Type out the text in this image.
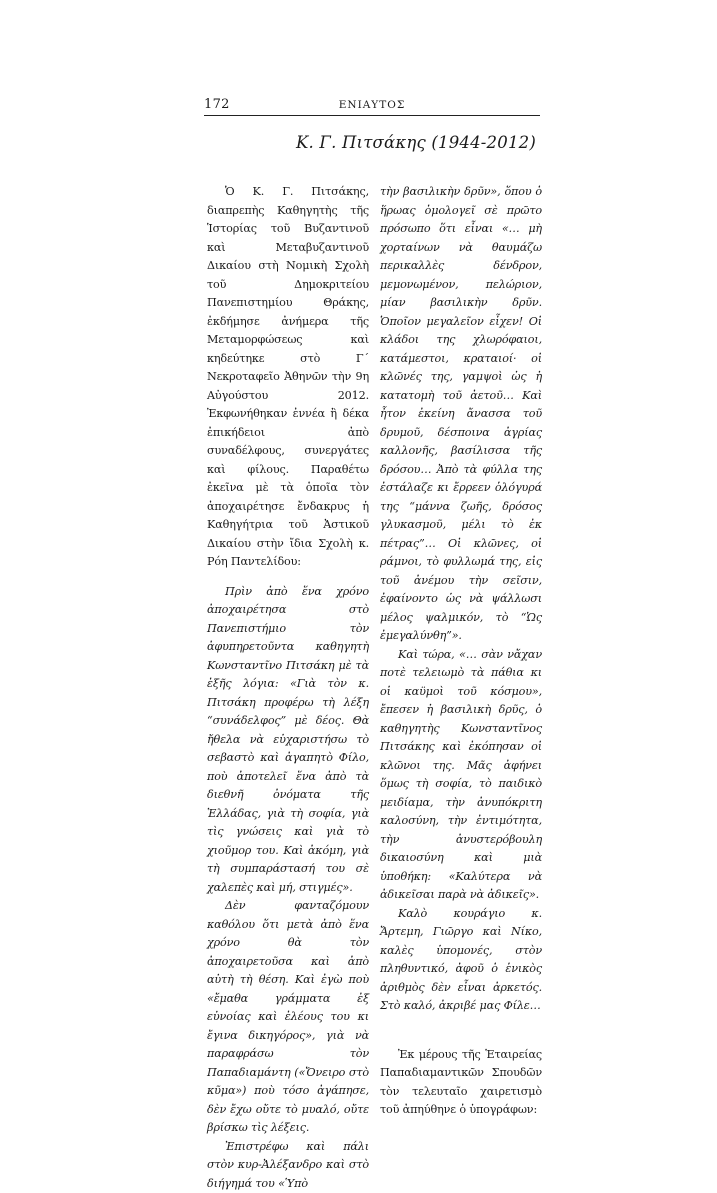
172	ΕΝΙΑΥΤΟΣ
Κ. Γ. Πιτσάκης (1944-2012)

Ὁ Κ. Γ. Πιτσάκης, διαπρεπὴς Καθηγητὴς τῆς Ἱστορίας τοῦ Βυζαντινοῦ καὶ Μεταβυζαντινοῦ Δικαίου στὴ Νομικὴ Σχολὴ τοῦ Δημοκριτείου Πανεπιστημίου Θράκης, ἐκδήμησε ἀνήμερα τῆς Μεταμορφώσεως καὶ κηδεύτηκε στὸ Γ΄ Νεκροταφεῖο Ἀθηνῶν τὴν 9η Αὐγούστου 2012. Ἐκφωνήθηκαν ἐννέα ἢ δέκα ἐπικήδειοι ἀπὸ συναδέλφους, συνεργάτες καὶ φίλους. Παραθέτω ἐκεῖνα μὲ τὰ ὁποῖα τὸν ἀποχαιρέτησε ἔνδακρυς ἡ Καθηγήτρια τοῦ Ἀστικοῦ Δικαίου στὴν ἴδια Σχολὴ κ. Ρόη Παντελίδου:

Πρὶν ἀπὸ ἕνα χρόνο ἀποχαιρέτησα στὸ Πανεπιστήμιο τὸν ἀφυπηρετοῦντα καθηγητὴ Κωνσταντῖνο Πιτσάκη μὲ τὰ ἑξῆς λόγια: «Γιὰ τὸν κ. Πιτσάκη προφέρω τὴ λέξη “συνάδελφος” μὲ δέος. Θὰ ἤθελα νὰ εὐχαριστήσω τὸ σεβαστὸ καὶ ἀγαπητὸ Φίλο, ποὺ ἀποτελεῖ ἕνα ἀπὸ τὰ διεθνῆ ὀνόματα τῆς Ἑλλάδας, γιὰ τὴ σοφία, γιὰ τὶς γνώσεις καὶ γιὰ τὸ χιοῦμορ του. Καὶ ἀκόμη, γιὰ τὴ συμπαράστασή του σὲ χαλεπὲς καὶ μή, στιγμές».

Δὲν φανταζόμουν καθόλου ὅτι μετὰ ἀπὸ ἕνα χρόνο θὰ τὸν ἀποχαιρετοῦσα καὶ ἀπὸ αὐτὴ τὴ θέση. Καὶ ἐγὼ ποὺ «ἔμαθα γράμματα ἐξ εὐνοίας καὶ ἐλέους του κι ἔγινα δικηγόρος», γιὰ νὰ παραφράσω τὸν Παπαδιαμάντη («Ὄνειρο στὸ κῦμα») ποὺ τόσο ἀγάπησε, δὲν ἔχω οὔτε τὸ μυαλό, οὔτε βρίσκω τὶς λέξεις.

Ἐπιστρέφω καὶ πάλι στὸν κυρ-Ἀλέξανδρο καὶ στὸ διήγημά του «Ὑπὸ

τὴν βασιλικὴν δρῦν», ὅπου ὁ ἥρωας ὁμολογεῖ σὲ πρῶτο πρόσωπο ὅτι εἶναι «… μὴ χορταίνων νὰ θαυμάζω περικαλλὲς δένδρον, μεμονωμένον, πελώριον, μίαν βασιλικὴν δρῦν. Ὁποῖον μεγαλεῖον εἶχεν! Οἱ κλάδοι της χλωρόφαιοι, κατάμεστοι, κραταιοί· οἱ κλῶνές της, γαμψοὶ ὡς ἡ κατατομὴ τοῦ ἀετοῦ… Καὶ ἦτον ἐκείνη ἄνασσα τοῦ δρυμοῦ, δέσποινα ἀγρίας καλλονῆς, βασίλισσα τῆς δρόσου… Ἀπὸ τὰ φύλλα της ἐστάλαζε κι ἔρρεεν ὁλόγυρά της “μάννα ζωῆς, δρόσος γλυκασμοῦ, μέλι τὸ ἐκ πέτρας”… Οἱ κλῶνες, οἱ ράμνοι, τὸ φυλλωμά της, εἰς τοῦ ἀνέμου τὴν σεῖσιν, ἐφαίνοντο ὡς νὰ ψάλλωσι μέλος ψαλμικόν, τὸ “Ὡς ἐμεγαλύνθη”».

Καὶ τώρα, «… σὰν νἄχαν ποτὲ τελειωμὸ τὰ πάθια κι οἱ καϋμοὶ τοῦ κόσμου», ἔπεσεν ἡ βασιλικὴ δρῦς, ὁ καθηγητὴς Κωνσταντῖνος Πιτσάκης καὶ ἐκόπησαν οἱ κλῶνοι της. Μᾶς ἀφήνει ὅμως τὴ σοφία, τὸ παιδικὸ μειδίαμα, τὴν ἀνυπόκριτη καλοσύνη, τὴν ἐντιμότητα, τὴν ἀνυστερόβουλη δικαιοσύνη καὶ μιὰ ὑποθήκη: «Καλύτερα νὰ ἀδικεῖσαι παρὰ νὰ ἀδικεῖς».

Καλὸ κουράγιο κ. Ἄρτεμη, Γιῶργο καὶ Νίκο, καλὲς ὑπομονές, στὸν πληθυντικό, ἀφοῦ ὁ ἑνικὸς ἀριθμὸς δὲν εἶναι ἀρκετός. Στὸ καλό, ἀκριβέ μας Φίλε…

Ἐκ μέρους τῆς Ἑταιρείας Παπαδιαμαντικῶν Σπουδῶν τὸν τελευταῖο χαιρετισμὸ τοῦ ἀπηύθηνε ὁ ὑπογράφων:
